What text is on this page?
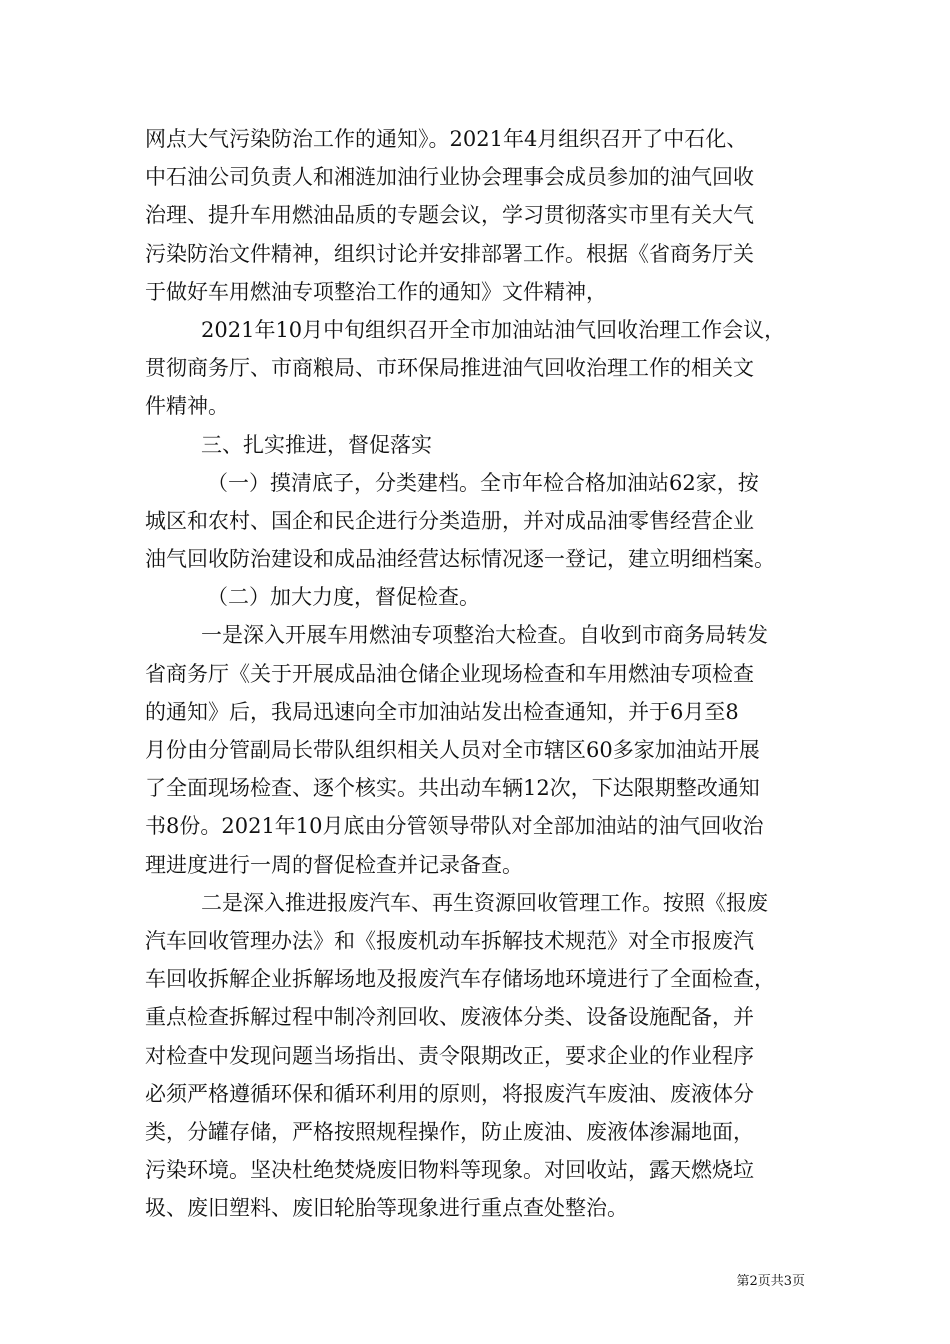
网点大气污染防治工作的通知》。2021年4月组织召开了中石化、
中石油公司负责人和湘涟加油行业协会理事会成员参加的油气回收
治理、提升车用燃油品质的专题会议，学习贯彻落实市里有关大气
污染防治文件精神，组织讨论并安排部署工作。根据《省商务厅关
于做好车用燃油专项整治工作的通知》文件精神，
2021年10月中旬组织召开全市加油站油气回收治理工作会议，
贯彻商务厅、市商粮局、市环保局推进油气回收治理工作的相关文
件精神。
三、扎实推进，督促落实
（一）摸清底子，分类建档。全市年检合格加油站62家，按
城区和农村、国企和民企进行分类造册，并对成品油零售经营企业
油气回收防治建设和成品油经营达标情况逐一登记，建立明细档案。
（二）加大力度，督促检查。
一是深入开展车用燃油专项整治大检查。自收到市商务局转发
省商务厅《关于开展成品油仓储企业现场检查和车用燃油专项检查
的通知》后，我局迅速向全市加油站发出检查通知，并于6月至8
月份由分管副局长带队组织相关人员对全市辖区60多家加油站开展
了全面现场检查、逐个核实。共出动车辆12次，下达限期整改通知
书8份。2021年10月底由分管领导带队对全部加油站的油气回收治
理进度进行一周的督促检查并记录备查。
二是深入推进报废汽车、再生资源回收管理工作。按照《报废
汽车回收管理办法》和《报废机动车拆解技术规范》对全市报废汽
车回收拆解企业拆解场地及报废汽车存储场地环境进行了全面检查，
重点检查拆解过程中制冷剂回收、废液体分类、设备设施配备，并
对检查中发现问题当场指出、责令限期改正，要求企业的作业程序
必须严格遵循环保和循环利用的原则，将报废汽车废油、废液体分
类，分罐存储，严格按照规程操作，防止废油、废液体渗漏地面，
污染环境。坚决杜绝焚烧废旧物料等现象。对回收站，露天燃烧垃
圾、废旧塑料、废旧轮胎等现象进行重点查处整治。
第2页共3页
